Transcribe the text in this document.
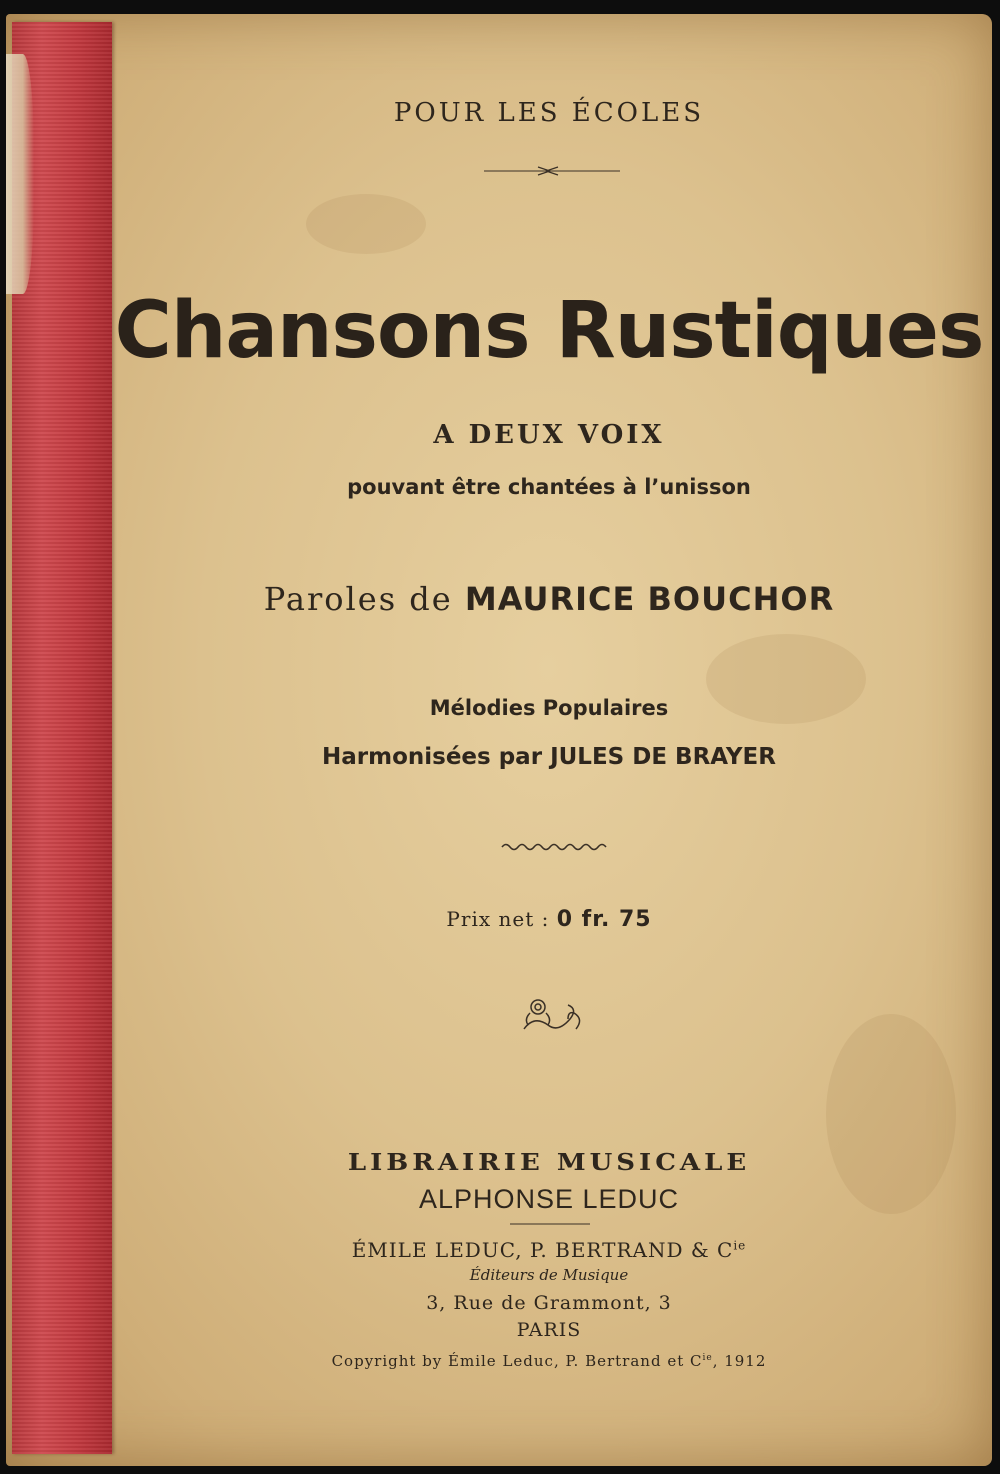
POUR LES ÉCOLES
Chansons Rustiques
A DEUX VOIX
pouvant être chantées à l’unisson
Paroles de MAURICE BOUCHOR
Mélodies Populaires
Harmonisées par JULES DE BRAYER
Prix net : 0 fr. 75
LIBRAIRIE MUSICALE
ALPHONSE LEDUC
ÉMILE LEDUC, P. BERTRAND & $C^{ie}$
Éditeurs de Musique
3, Rue de Grammont, 3
PARIS
Copyright by Émile Leduc, P. Bertrand et $C^{ie}$, 1912
